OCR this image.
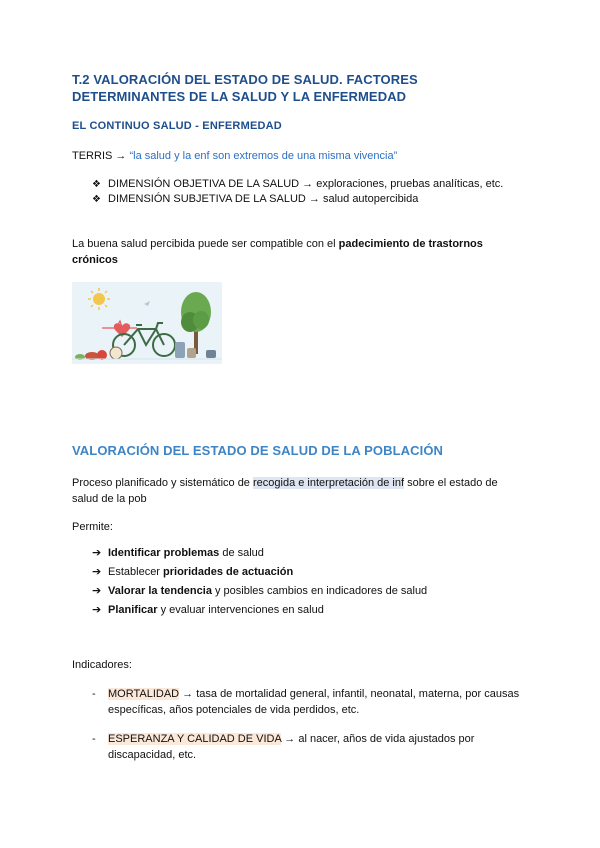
T.2 VALORACIÓN DEL ESTADO DE SALUD. FACTORES DETERMINANTES DE LA SALUD Y LA ENFERMEDAD
EL CONTINUO SALUD - ENFERMEDAD
TERRIS → “la salud y la enf son extremos de una misma vivencia”
❖ DIMENSIÓN OBJETIVA DE LA SALUD → exploraciones, pruebas analíticas, etc.
❖ DIMENSIÓN SUBJETIVA DE LA SALUD → salud autopercibida
La buena salud percibida puede ser compatible con el padecimiento de trastornos crónicos
VALORACIÓN DEL ESTADO DE SALUD DE LA POBLACIÓN
Proceso planificado y sistemático de recogida e interpretación de inf sobre el estado de salud de la pob
Permite:
➔ Identificar problemas de salud
➔ Establecer prioridades de actuación
➔ Valorar la tendencia y posibles cambios en indicadores de salud
➔ Planificar y evaluar intervenciones en salud
Indicadores:
-	MORTALIDAD → tasa de mortalidad general, infantil, neonatal, materna, por causas específicas, años potenciales de vida perdidos, etc.
-	ESPERANZA Y CALIDAD DE VIDA → al nacer, años de vida ajustados por discapacidad, etc.
